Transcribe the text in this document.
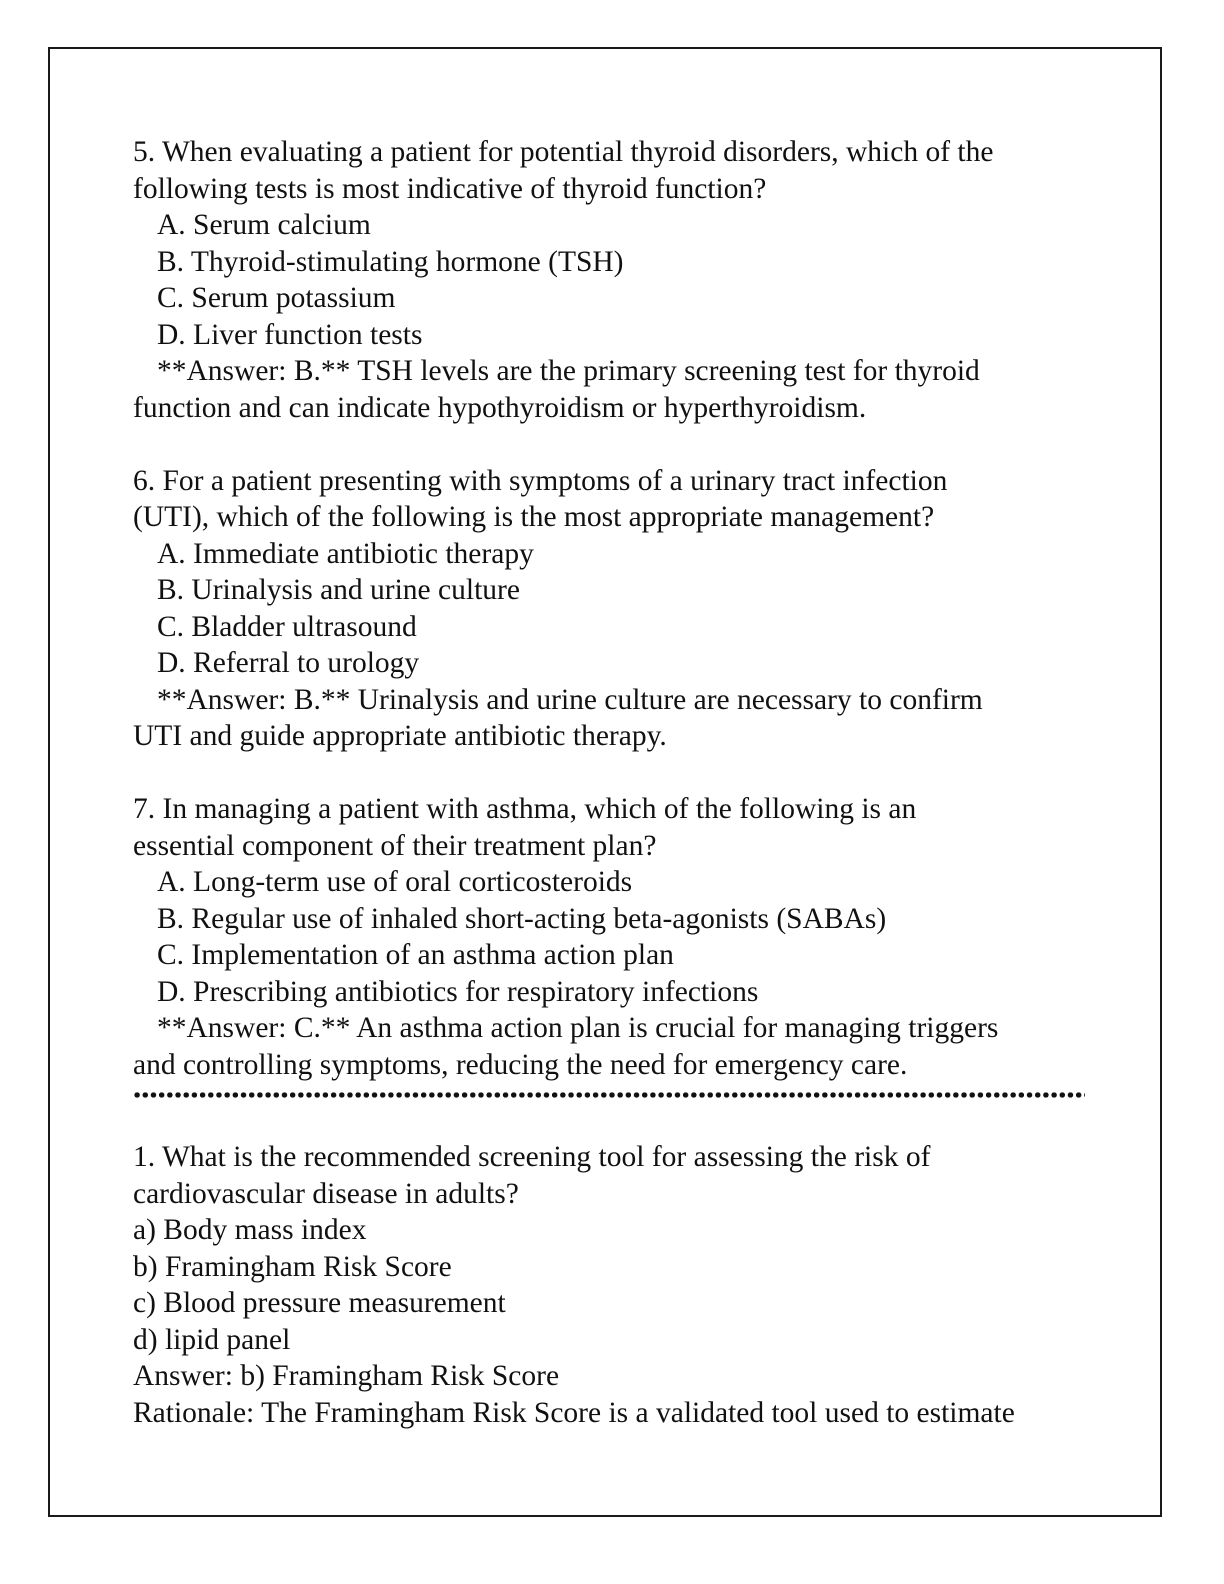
5. When evaluating a patient for potential thyroid disorders, which of the
following tests is most indicative of thyroid function?
A. Serum calcium
B. Thyroid-stimulating hormone (TSH)
C. Serum potassium
D. Liver function tests
**Answer: B.** TSH levels are the primary screening test for thyroid
function and can indicate hypothyroidism or hyperthyroidism.
6. For a patient presenting with symptoms of a urinary tract infection
(UTI), which of the following is the most appropriate management?
A. Immediate antibiotic therapy
B. Urinalysis and urine culture
C. Bladder ultrasound
D. Referral to urology
**Answer: B.** Urinalysis and urine culture are necessary to confirm
UTI and guide appropriate antibiotic therapy.
7. In managing a patient with asthma, which of the following is an
essential component of their treatment plan?
A. Long-term use of oral corticosteroids
B. Regular use of inhaled short-acting beta-agonists (SABAs)
C. Implementation of an asthma action plan
D. Prescribing antibiotics for respiratory infections
**Answer: C.** An asthma action plan is crucial for managing triggers
and controlling symptoms, reducing the need for emergency care.
1. What is the recommended screening tool for assessing the risk of
cardiovascular disease in adults?
a) Body mass index
b) Framingham Risk Score
c) Blood pressure measurement
d) lipid panel
Answer: b) Framingham Risk Score
Rationale: The Framingham Risk Score is a validated tool used to estimate
